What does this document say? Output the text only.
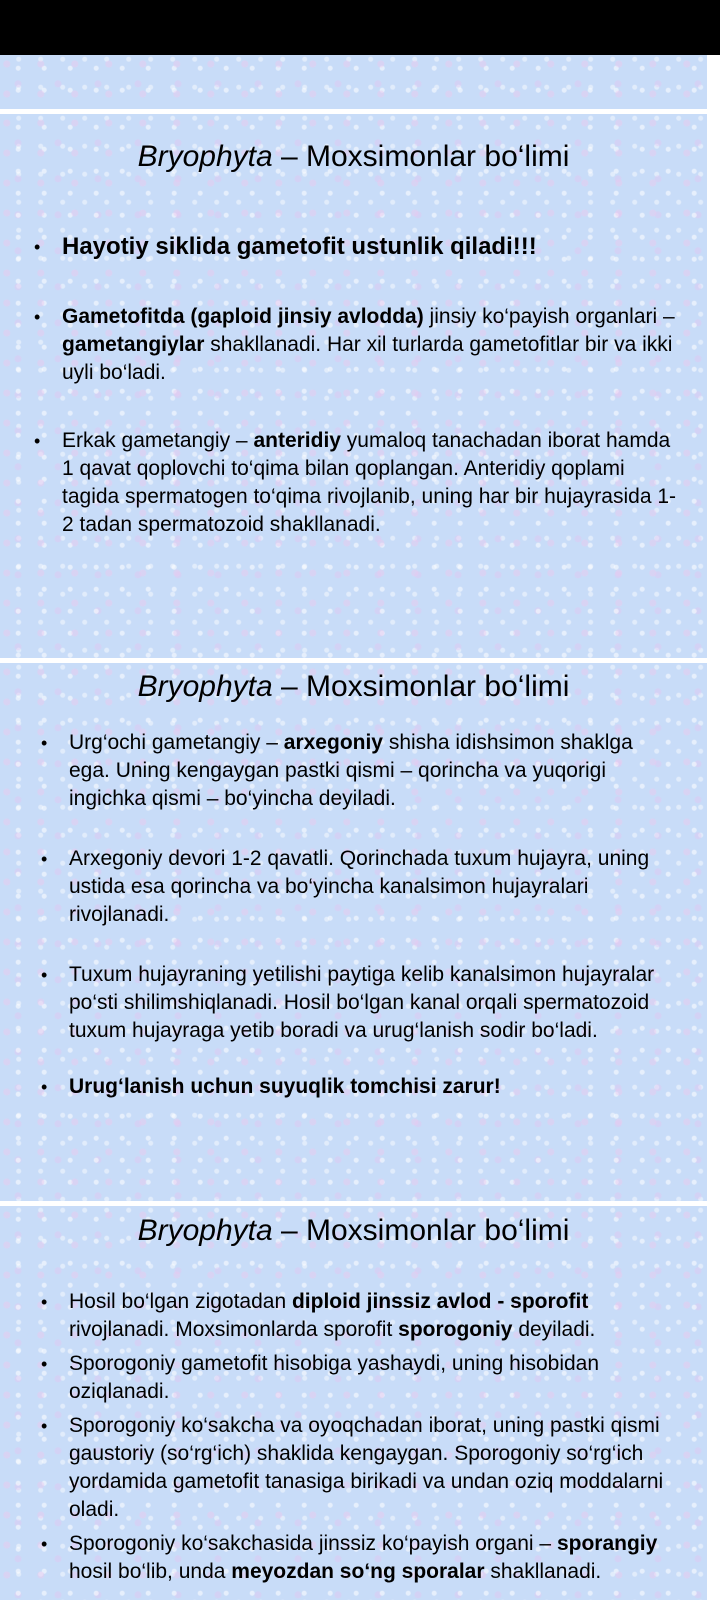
Bryophyta – Moxsimonlar bo‘limi
• Hayotiy siklida gametofit ustunlik qiladi!!!
• Gametofitda (gaploid jinsiy avlodda) jinsiy ko‘payish organlari – gametangiylar shakllanadi. Har xil turlarda gametofitlar bir va ikki uyli bo‘ladi.
• Erkak gametangiy – anteridiy yumaloq tanachadan iborat hamda 1 qavat qoplovchi to‘qima bilan qoplangan. Anteridiy qoplami tagida spermatogen to‘qima rivojlanib, uning har bir hujayrasida 1-2 tadan spermatozoid shakllanadi.
Bryophyta – Moxsimonlar bo‘limi
• Urg‘ochi gametangiy – arxegoniy shisha idishsimon shaklga ega. Uning kengaygan pastki qismi – qorincha va yuqorigi ingichka qismi – bo‘yincha deyiladi.
• Arxegoniy devori 1-2 qavatli. Qorinchada tuxum hujayra, uning ustida esa qorincha va bo‘yincha kanalsimon hujayralari rivojlanadi.
• Tuxum hujayraning yetilishi paytiga kelib kanalsimon hujayralar po‘sti shilimshiqlanadi. Hosil bo‘lgan kanal orqali spermatozoid tuxum hujayraga yetib boradi va urug‘lanish sodir bo‘ladi.
• Urug‘lanish uchun suyuqlik tomchisi zarur!
Bryophyta – Moxsimonlar bo‘limi
• Hosil bo‘lgan zigotadan diploid jinssiz avlod - sporofit rivojlanadi. Moxsimonlarda sporofit sporogoniy deyiladi.
• Sporogoniy gametofit hisobiga yashaydi, uning hisobidan oziqlanadi.
• Sporogoniy ko‘sakcha va oyoqchadan iborat, uning pastki qismi gaustoriy (so‘rg‘ich) shaklida kengaygan. Sporogoniy so‘rg‘ich yordamida gametofit tanasiga birikadi va undan oziq moddalarni oladi.
• Sporogoniy ko‘sakchasida jinssiz ko‘payish organi – sporangiy hosil bo‘lib, unda meyozdan so‘ng sporalar shakllanadi.
